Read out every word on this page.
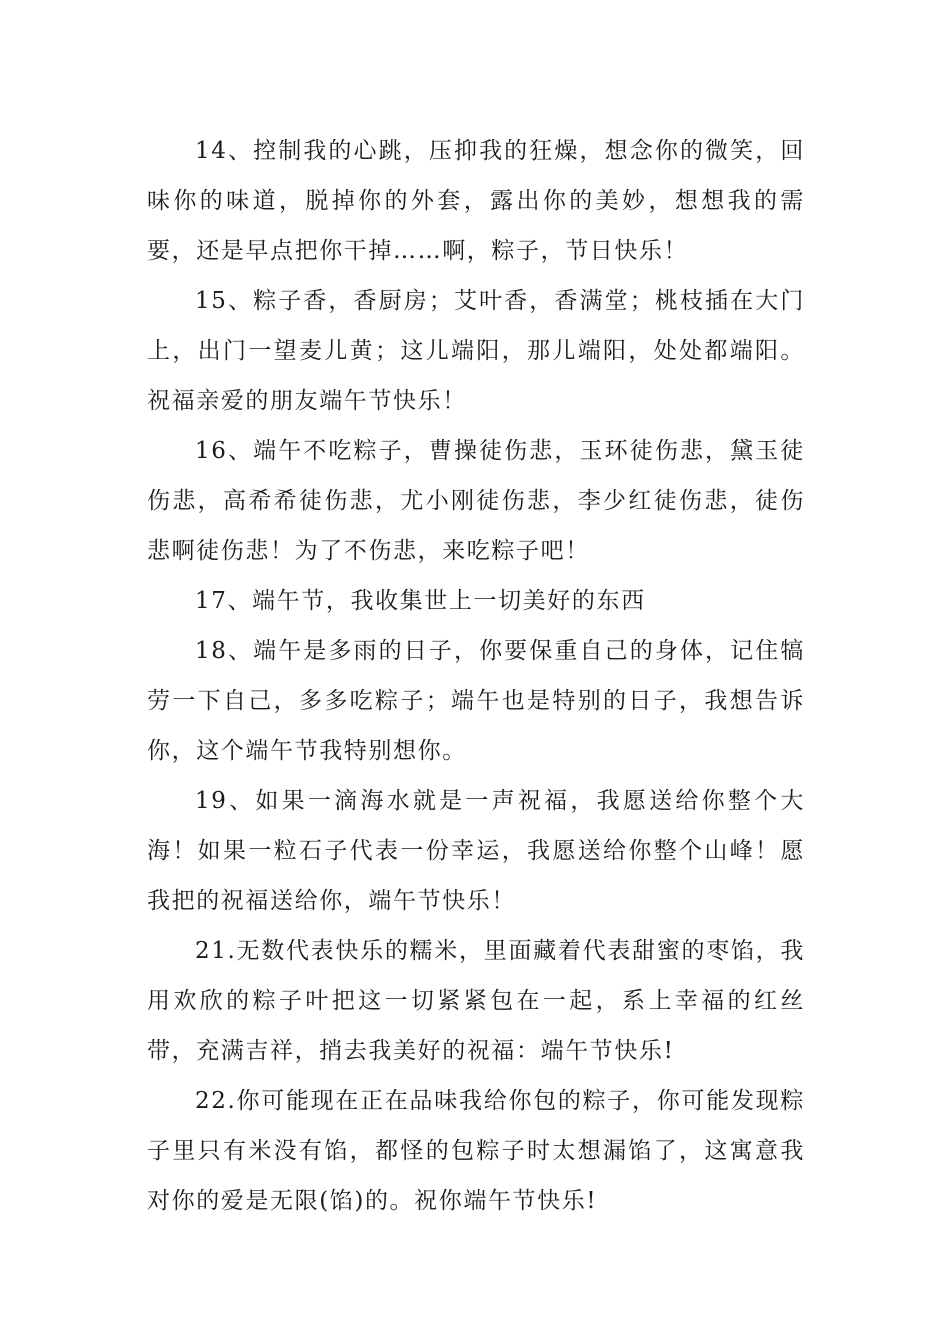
14、控制我的心跳，压抑我的狂燥，想念你的微笑，回味你的味道，脱掉你的外套，露出你的美妙，想想我的需要，还是早点把你干掉……啊，粽子，节日快乐！

15、粽子香，香厨房；艾叶香，香满堂；桃枝插在大门上，出门一望麦儿黄；这儿端阳，那儿端阳，处处都端阳。祝福亲爱的朋友端午节快乐！

16、端午不吃粽子，曹操徒伤悲，玉环徒伤悲，黛玉徒伤悲，高希希徒伤悲，尤小刚徒伤悲，李少红徒伤悲，徒伤悲啊徒伤悲！为了不伤悲，来吃粽子吧！

17、端午节，我收集世上一切美好的东西

18、端午是多雨的日子，你要保重自己的身体，记住犒劳一下自己，多多吃粽子；端午也是特别的日子，我想告诉你，这个端午节我特别想你。

19、如果一滴海水就是一声祝福，我愿送给你整个大海！如果一粒石子代表一份幸运，我愿送给你整个山峰！愿我把的祝福送给你，端午节快乐！

21.无数代表快乐的糯米，里面藏着代表甜蜜的枣馅，我用欢欣的粽子叶把这一切紧紧包在一起，系上幸福的红丝带，充满吉祥，捎去我美好的祝福：端午节快乐!

22.你可能现在正在品味我给你包的粽子，你可能发现粽子里只有米没有馅，都怪的包粽子时太想漏馅了，这寓意我对你的爱是无限(馅)的。祝你端午节快乐!
